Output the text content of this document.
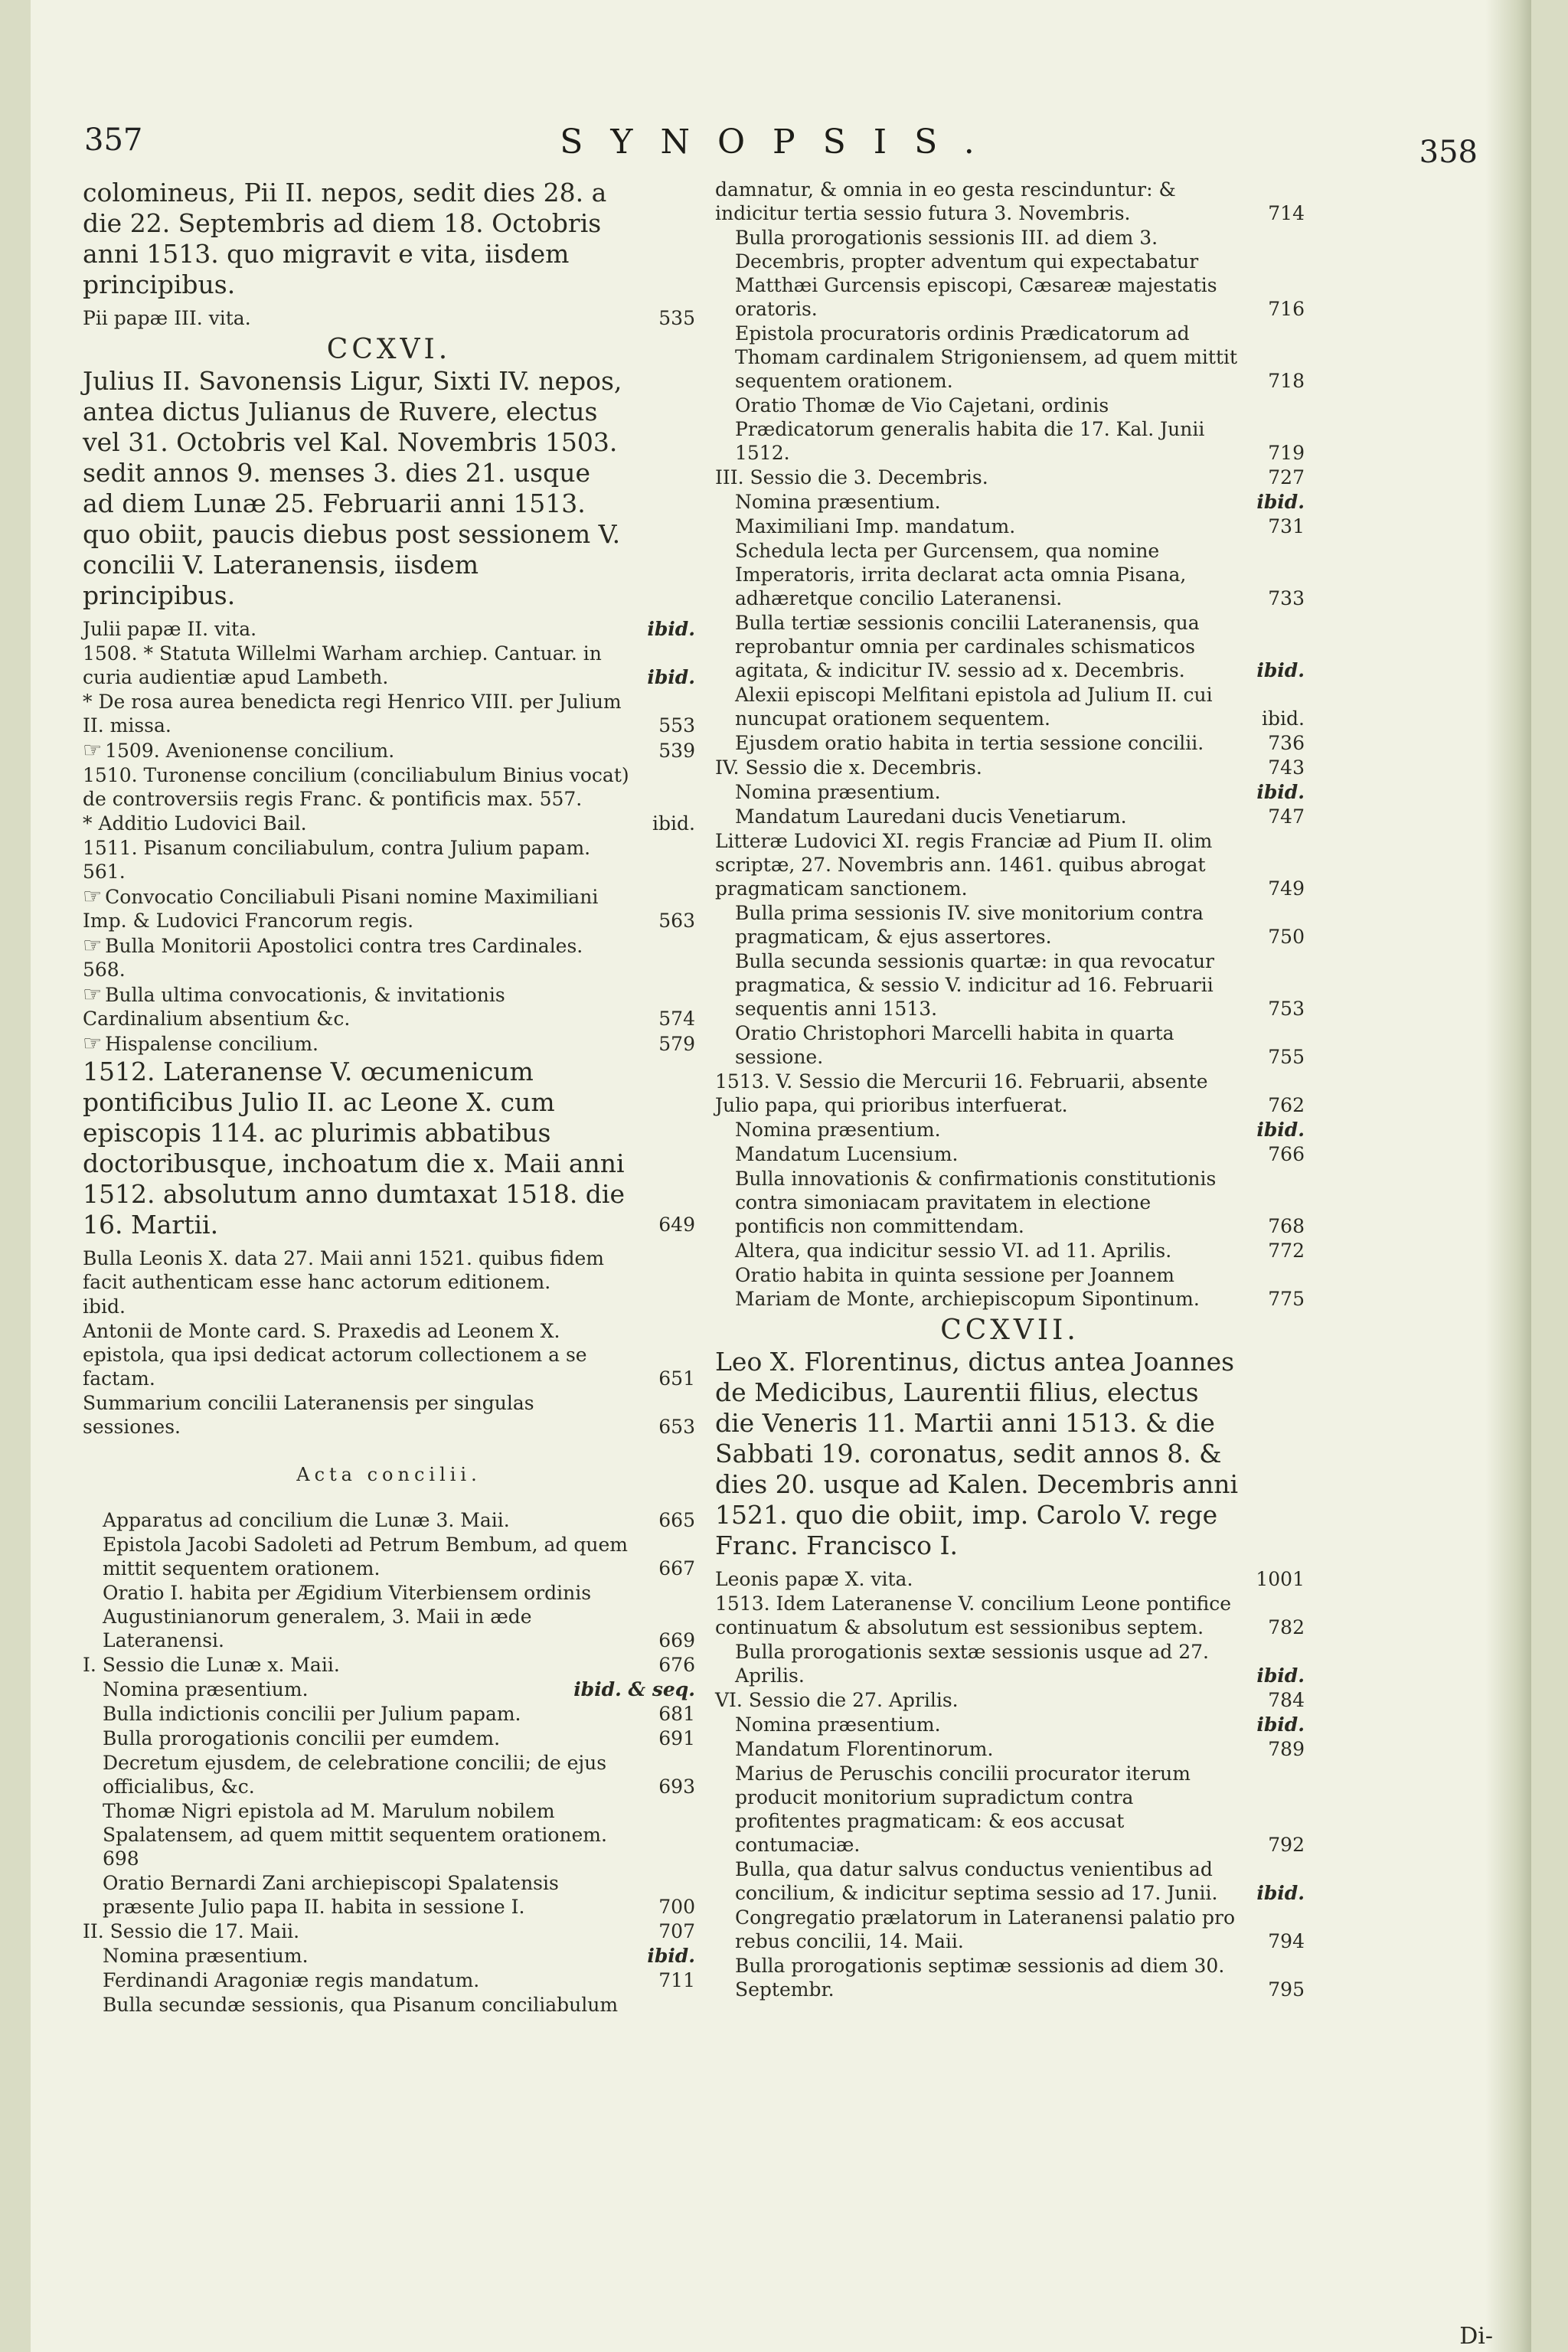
357	SYNOPSIS.	358
colomineus, Pii II. nepos, sedit dies 28. a die 22. Septembris ad diem 18. Octobris anni 1513. quo migravit e vita, iisdem principibus.
Pii papæ III. vita.	535
CCXVI.
Julius II. Savonensis Ligur, Sixti IV. nepos, antea dictus Julianus de Ruvere, electus vel 31. Octobris vel Kal. Novembris 1503. sedit annos 9. menses 3. dies 21. usque ad diem Lunæ 25. Februarii anni 1513. quo obiit, paucis diebus post sessionem V. concilii V. Lateranensis, iisdem principibus.
Julii papæ II. vita.	ibid.
1508. * Statuta Willelmi Warham archiep. Cantuar. in curia audientiæ apud Lambeth.	ibid.
* De rosa aurea benedicta regi Henrico VIII. per Julium II. missa.	553
☞ 1509. Avenionense concilium.	539
1510. Turonense concilium (conciliabulum Binius vocat) de controversiis regis Franc. & pontificis max. 557.
* Additio Ludovici Bail.	ibid.
1511. Pisanum conciliabulum, contra Julium papam. 561.
☞ Convocatio Conciliabuli Pisani nomine Maximiliani Imp. & Ludovici Francorum regis.	563
☞ Bulla Monitorii Apostolici contra tres Cardinales. 568.
☞ Bulla ultima convocationis, & invitationis Cardinalium absentium &c.	574
☞ Hispalense concilium.	579
1512. Lateranense V. œcumenicum pontificibus Julio II. ac Leone X. cum episcopis 114. ac plurimis abbatibus doctoribusque, inchoatum die x. Maii anni 1512. absolutum anno dumtaxat 1518. die 16. Martii.	649
Bulla Leonis X. data 27. Maii anni 1521. quibus fidem facit authenticam esse hanc actorum editionem.
ibid.
Antonii de Monte card. S. Praxedis ad Leonem X. epistola, qua ipsi dedicat actorum collectionem a se factam.	651
Summarium concilii Lateranensis per singulas sessiones.	653
Acta concilii.
Apparatus ad concilium die Lunæ 3. Maii.	665
Epistola Jacobi Sadoleti ad Petrum Bembum, ad quem mittit sequentem orationem.	667
Oratio I. habita per Ægidium Viterbiensem ordinis Augustinianorum generalem, 3. Maii in æde Lateranensi.	669
I. Sessio die Lunæ x. Maii.	676
Nomina præsentium.	ibid. & seq.
Bulla indictionis concilii per Julium papam.	681
Bulla prorogationis concilii per eumdem.	691
Decretum ejusdem, de celebratione concilii; de ejus officialibus, &c.	693
Thomæ Nigri epistola ad M. Marulum nobilem Spalatensem, ad quem mittit sequentem orationem. 698
Oratio Bernardi Zani archiepiscopi Spalatensis præsente Julio papa II. habita in sessione I.	700
II. Sessio die 17. Maii.	707
Nomina præsentium.	ibid.
Ferdinandi Aragoniæ regis mandatum.	711
Bulla secundæ sessionis, qua Pisanum conciliabulum
damnatur, & omnia in eo gesta rescinduntur: & indicitur tertia sessio futura 3. Novembris.	714
Bulla prorogationis sessionis III. ad diem 3. Decembris, propter adventum qui expectabatur Matthæi Gurcensis episcopi, Cæsareæ majestatis oratoris.	716
Epistola procuratoris ordinis Prædicatorum ad Thomam cardinalem Strigoniensem, ad quem mittit sequentem orationem.	718
Oratio Thomæ de Vio Cajetani, ordinis Prædicatorum generalis habita die 17. Kal. Junii 1512.	719
III. Sessio die 3. Decembris.	727
Nomina præsentium.	ibid.
Maximiliani Imp. mandatum.	731
Schedula lecta per Gurcensem, qua nomine Imperatoris, irrita declarat acta omnia Pisana, adhæretque concilio Lateranensi.	733
Bulla tertiæ sessionis concilii Lateranensis, qua reprobantur omnia per cardinales schismaticos agitata, & indicitur IV. sessio ad x. Decembris.	ibid.
Alexii episcopi Melfitani epistola ad Julium II. cui nuncupat orationem sequentem.	ibid.
Ejusdem oratio habita in tertia sessione concilii.	736
IV. Sessio die x. Decembris.	743
Nomina præsentium.	ibid.
Mandatum Lauredani ducis Venetiarum.	747
Litteræ Ludovici XI. regis Franciæ ad Pium II. olim scriptæ, 27. Novembris ann. 1461. quibus abrogat pragmaticam sanctionem.	749
Bulla prima sessionis IV. sive monitorium contra pragmaticam, & ejus assertores.	750
Bulla secunda sessionis quartæ: in qua revocatur pragmatica, & sessio V. indicitur ad 16. Februarii sequentis anni 1513.	753
Oratio Christophori Marcelli habita in quarta sessione.	755
1513. V. Sessio die Mercurii 16. Februarii, absente Julio papa, qui prioribus interfuerat.	762
Nomina præsentium.	ibid.
Mandatum Lucensium.	766
Bulla innovationis & confirmationis constitutionis contra simoniacam pravitatem in electione pontificis non committendam.	768
Altera, qua indicitur sessio VI. ad 11. Aprilis.	772
Oratio habita in quinta sessione per Joannem Mariam de Monte, archiepiscopum Sipontinum.	775
CCXVII.
Leo X. Florentinus, dictus antea Joannes de Medicibus, Laurentii filius, electus die Veneris 11. Martii anni 1513. & die Sabbati 19. coronatus, sedit annos 8. & dies 20. usque ad Kalen. Decembris anni 1521. quo die obiit, imp. Carolo V. rege Franc. Francisco I.
Leonis papæ X. vita.	1001
1513. Idem Lateranense V. concilium Leone pontifice continuatum & absolutum est sessionibus septem.	782
Bulla prorogationis sextæ sessionis usque ad 27. Aprilis.	ibid.
VI. Sessio die 27. Aprilis.	784
Nomina præsentium.	ibid.
Mandatum Florentinorum.	789
Marius de Peruschis concilii procurator iterum producit monitorium supradictum contra profitentes pragmaticam: & eos accusat contumaciæ.	792
Bulla, qua datur salvus conductus venientibus ad concilium, & indicitur septima sessio ad 17. Junii. ibid.
Congregatio prælatorum in Lateranensi palatio pro rebus concilii, 14. Maii.	794
Bulla prorogationis septimæ sessionis ad diem 30. Septembr.	795
Di-
